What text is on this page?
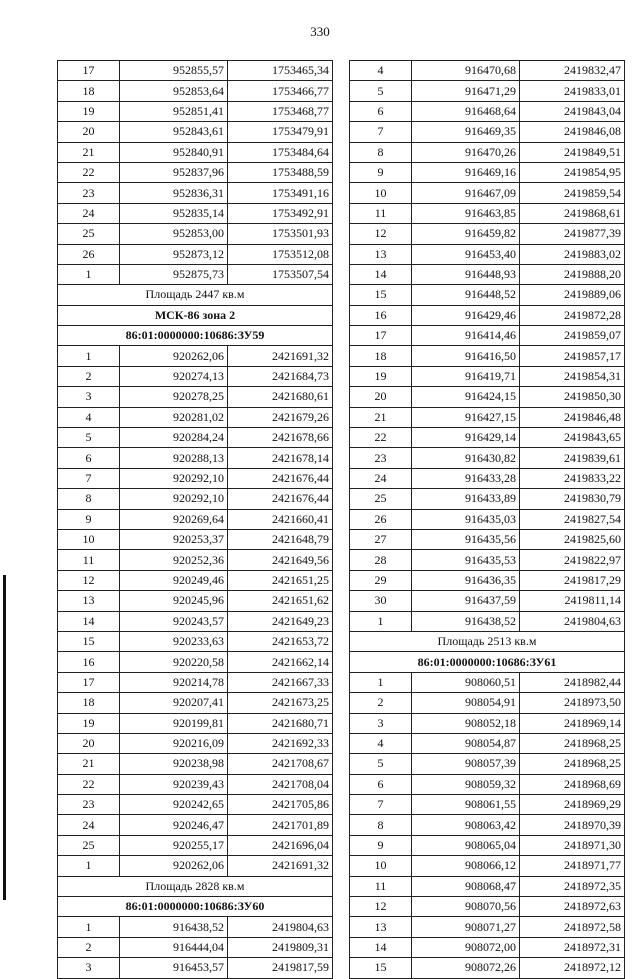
330
17	952855,57	1753465,34
18	952853,64	1753466,77
19	952851,41	1753468,77
20	952843,61	1753479,91
21	952840,91	1753484,64
22	952837,96	1753488,59
23	952836,31	1753491,16
24	952835,14	1753492,91
25	952853,00	1753501,93
26	952873,12	1753512,08
1	952875,73	1753507,54
Площадь 2447 кв.м		
МСК-86 зона 2		
86:01:0000000:10686:ЗУ59		
1	920262,06	2421691,32
2	920274,13	2421684,73
3	920278,25	2421680,61
4	920281,02	2421679,26
5	920284,24	2421678,66
6	920288,13	2421678,14
7	920292,10	2421676,44
8	920292,10	2421676,44
9	920269,64	2421660,41
10	920253,37	2421648,79
11	920252,36	2421649,56
12	920249,46	2421651,25
13	920245,96	2421651,62
14	920243,57	2421649,23
15	920233,63	2421653,72
16	920220,58	2421662,14
17	920214,78	2421667,33
18	920207,41	2421673,25
19	920199,81	2421680,71
20	920216,09	2421692,33
21	920238,98	2421708,67
22	920239,43	2421708,04
23	920242,65	2421705,86
24	920246,47	2421701,89
25	920255,17	2421696,04
1	920262,06	2421691,32
Площадь 2828 кв.м		
86:01:0000000:10686:ЗУ60		
1	916438,52	2419804,63
2	916444,04	2419809,31
3	916453,57	2419817,59
4	916470,68	2419832,47
5	916471,29	2419833,01
6	916468,64	2419843,04
7	916469,35	2419846,08
8	916470,26	2419849,51
9	916469,16	2419854,95
10	916467,09	2419859,54
11	916463,85	2419868,61
12	916459,82	2419877,39
13	916453,40	2419883,02
14	916448,93	2419888,20
15	916448,52	2419889,06
16	916429,46	2419872,28
17	916414,46	2419859,07
18	916416,50	2419857,17
19	916419,71	2419854,31
20	916424,15	2419850,30
21	916427,15	2419846,48
22	916429,14	2419843,65
23	916430,82	2419839,61
24	916433,28	2419833,22
25	916433,89	2419830,79
26	916435,03	2419827,54
27	916435,56	2419825,60
28	916435,53	2419822,97
29	916436,35	2419817,29
30	916437,59	2419811,14
1	916438,52	2419804,63
Площадь 2513 кв.м		
86:01:0000000:10686:ЗУ61		
1	908060,51	2418982,44
2	908054,91	2418973,50
3	908052,18	2418969,14
4	908054,87	2418968,25
5	908057,39	2418968,25
6	908059,32	2418968,69
7	908061,55	2418969,29
8	908063,42	2418970,39
9	908065,04	2418971,30
10	908066,12	2418971,77
11	908068,47	2418972,35
12	908070,56	2418972,63
13	908071,27	2418972,58
14	908072,00	2418972,31
15	908072,26	2418972,12
